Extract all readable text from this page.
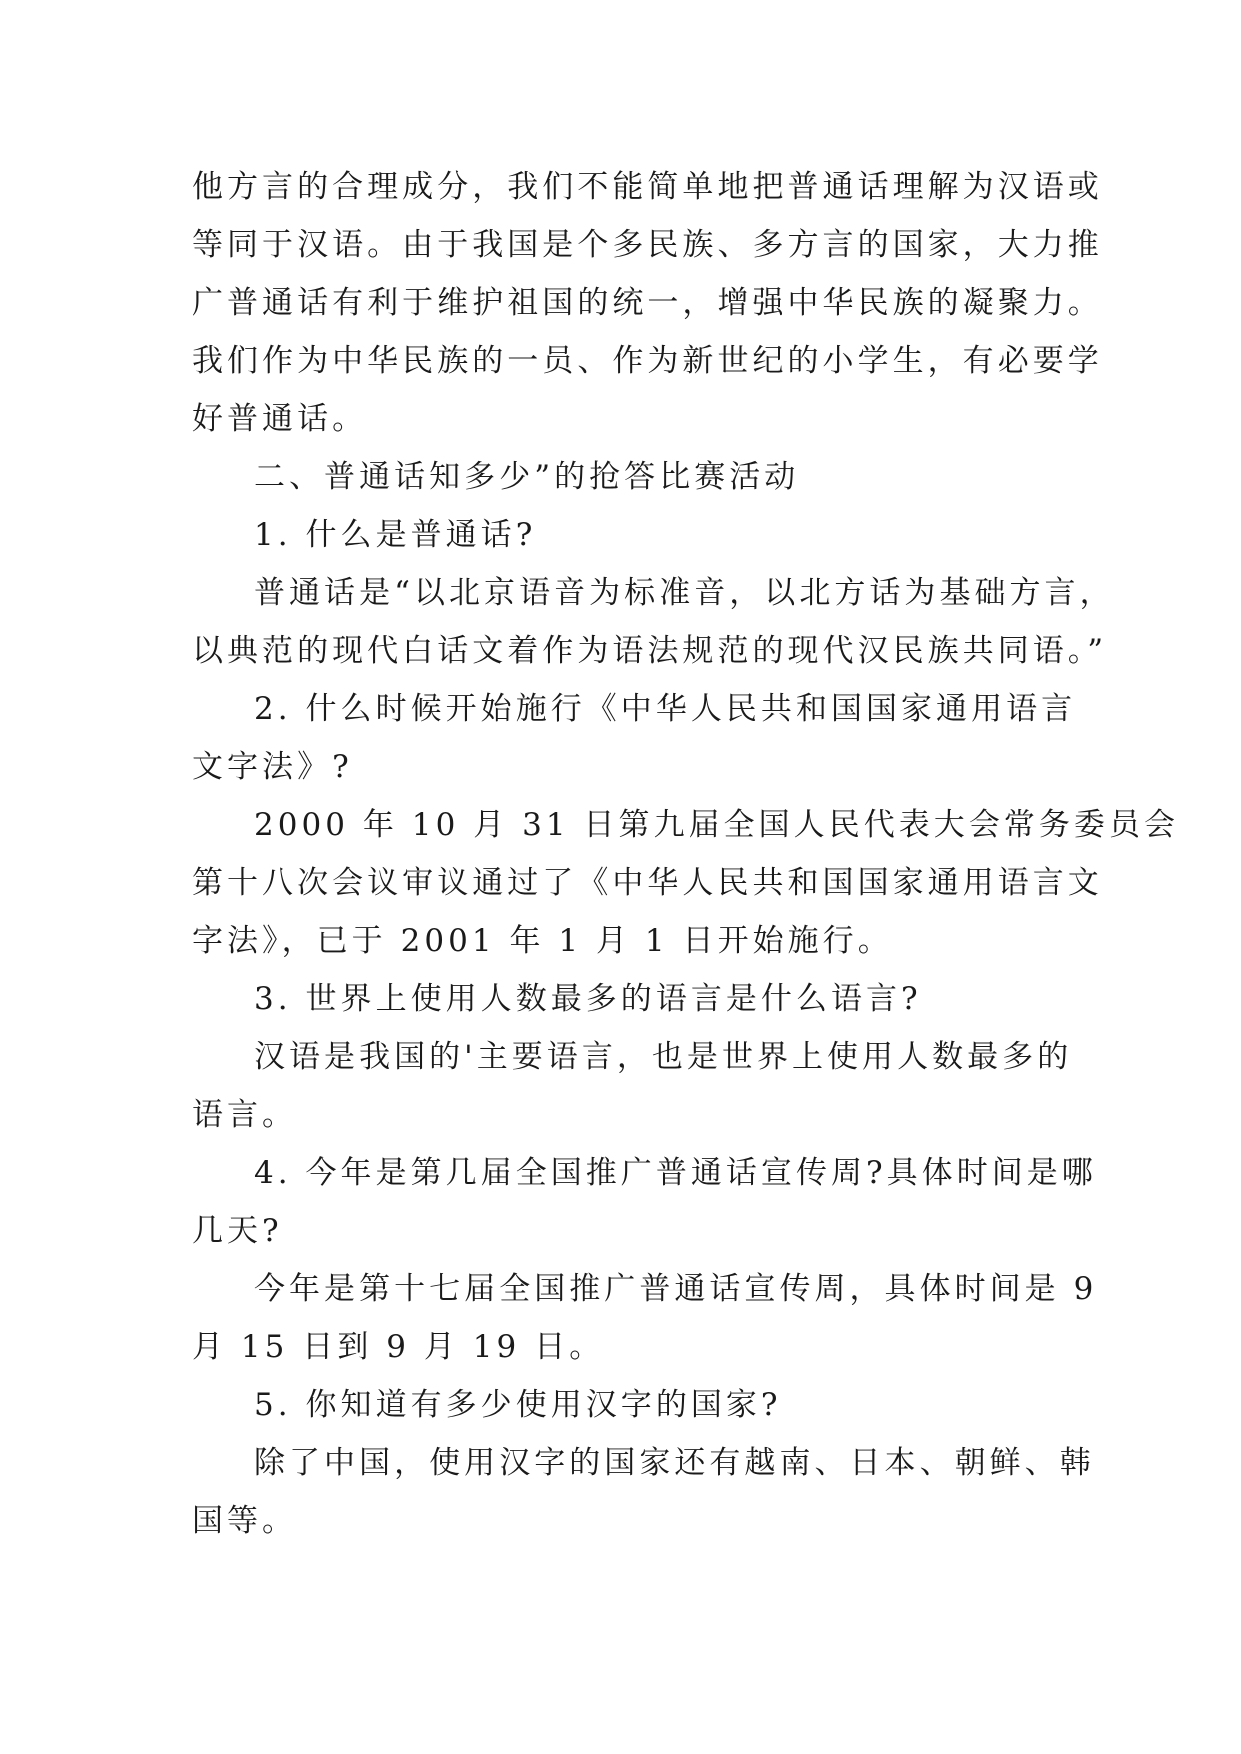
他方言的合理成分，我们不能简单地把普通话理解为汉语或
等同于汉语。由于我国是个多民族、多方言的国家，大力推
广普通话有利于维护祖国的统一，增强中华民族的凝聚力。
我们作为中华民族的一员、作为新世纪的小学生，有必要学
好普通话。
二、普通话知多少”的抢答比赛活动
1. 什么是普通话?
普通话是“以北京语音为标准音，以北方话为基础方言，
以典范的现代白话文着作为语法规范的现代汉民族共同语。”
2. 什么时候开始施行《中华人民共和国国家通用语言
文字法》?
2000 年 10 月 31 日第九届全国人民代表大会常务委员会
第十八次会议审议通过了《中华人民共和国国家通用语言文
字法》，已于 2001 年 1 月 1 日开始施行。
3. 世界上使用人数最多的语言是什么语言?
汉语是我国的'主要语言，也是世界上使用人数最多的
语言。
4. 今年是第几届全国推广普通话宣传周?具体时间是哪
几天?
今年是第十七届全国推广普通话宣传周，具体时间是 9
月 15 日到 9 月 19 日。
5. 你知道有多少使用汉字的国家?
除了中国，使用汉字的国家还有越南、日本、朝鲜、韩
国等。
